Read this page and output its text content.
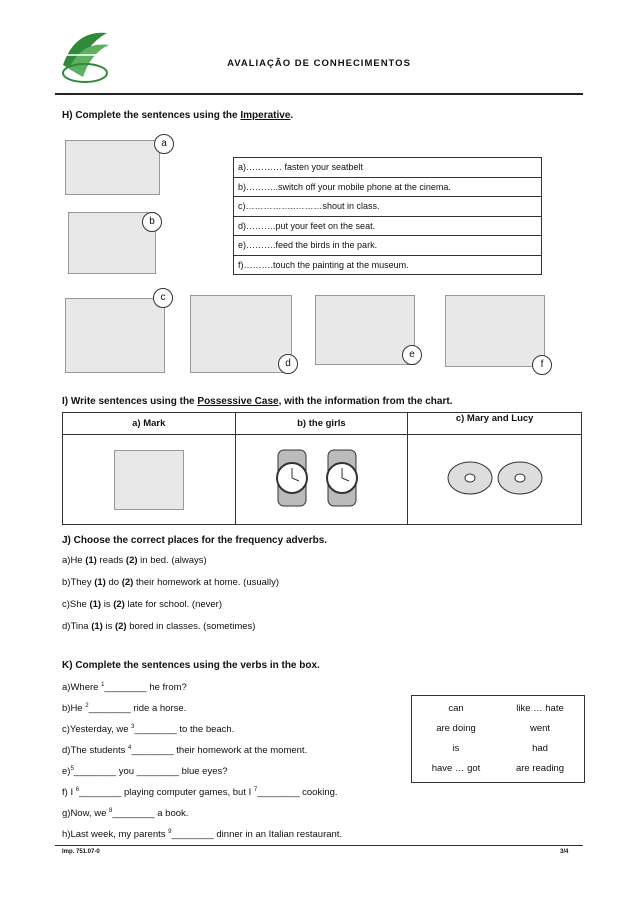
AVALIAÇÃO DE CONHECIMENTOS
H) Complete the sentences using the Imperative.
a
b
a)………… fasten your seatbelt
b)………..switch off your mobile phone at the cinema.
c)……………..………shout in class.
d)……….put your feet on the seat.
e)……….feed the birds in the park.
f)……….touch the painting at the museum.
c
d
e
f
I) Write sentences using the Possessive Case, with the information from the chart.
a) Mark	b) the girls	c) Mary and Lucy

J) Choose the correct places for the frequency adverbs.
a)He (1) reads (2) in bed. (always)
b)They (1) do (2) their homework at home. (usually)
c)She (1) is (2) late for school. (never)
d)Tina (1) is (2) bored in classes. (sometimes)
K) Complete the sentences using the verbs in the box.
a)Where $^1$________ he from?
b)He $^2$________ ride a horse.
c)Yesterday, we $^3$________ to the beach.
d)The students $^4$________ their homework at the moment.
e)$^5$________ you ________ blue eyes?
f) I $^6$________ playing computer games, but I $^7$________ cooking.
g)Now, we $^8$________ a book.
h)Last week, my parents $^9$________ dinner in an Italian restaurant.
can	like … hate
are doing	went
is	had
have … got	are reading
Imp. 751.07-0	3/4
